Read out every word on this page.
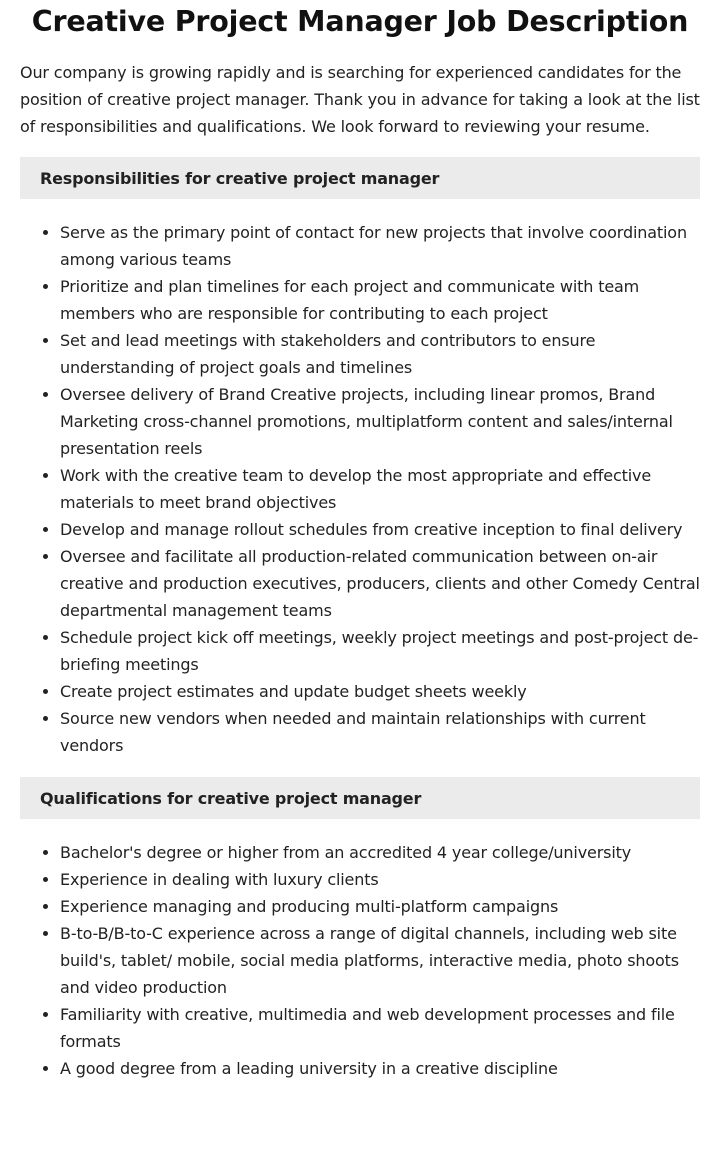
Creative Project Manager Job Description

Our company is growing rapidly and is searching for experienced candidates for the position of creative project manager. Thank you in advance for taking a look at the list of responsibilities and qualifications. We look forward to reviewing your resume.

Responsibilities for creative project manager
Serve as the primary point of contact for new projects that involve coordination among various teams
Prioritize and plan timelines for each project and communicate with team members who are responsible for contributing to each project
Set and lead meetings with stakeholders and contributors to ensure understanding of project goals and timelines
Oversee delivery of Brand Creative projects, including linear promos, Brand Marketing cross-channel promotions, multiplatform content and sales/internal presentation reels
Work with the creative team to develop the most appropriate and effective materials to meet brand objectives
Develop and manage rollout schedules from creative inception to final delivery
Oversee and facilitate all production-related communication between on-air creative and production executives, producers, clients and other Comedy Central departmental management teams
Schedule project kick off meetings, weekly project meetings and post-project de-briefing meetings
Create project estimates and update budget sheets weekly
Source new vendors when needed and maintain relationships with current vendors
Qualifications for creative project manager
Bachelor's degree or higher from an accredited 4 year college/university
Experience in dealing with luxury clients
Experience managing and producing multi-platform campaigns
B-to-B/B-to-C experience across a range of digital channels, including web site build's, tablet/ mobile, social media platforms, interactive media, photo shoots and video production
Familiarity with creative, multimedia and web development processes and file formats
A good degree from a leading university in a creative discipline
